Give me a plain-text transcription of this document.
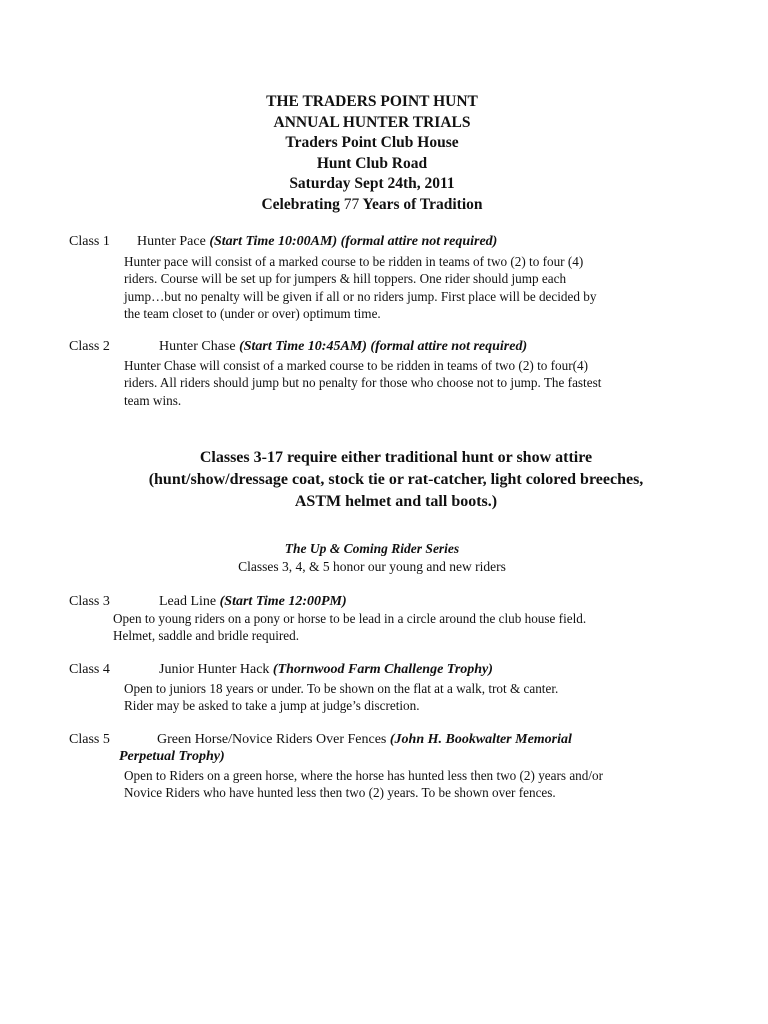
THE TRADERS POINT HUNT
ANNUAL HUNTER TRIALS
Traders Point Club House
Hunt Club Road
Saturday Sept 24th, 2011
Celebrating 77 Years of Tradition
Class 1 Hunter Pace (Start Time 10:00AM) (formal attire not required)
Hunter pace will consist of a marked course to be ridden in teams of two (2) to four (4)
riders. Course will be set up for jumpers & hill toppers. One rider should jump each
jump…but no penalty will be given if all or no riders jump. First place will be decided by
the team closet to (under or over) optimum time.
Class 2	Hunter Chase (Start Time 10:45AM) (formal attire not required)
Hunter Chase will consist of a marked course to be ridden in teams of two (2) to four(4)
riders. All riders should jump but no penalty for those who choose not to jump. The fastest
team wins.
Classes 3-17 require either traditional hunt or show attire
(hunt/show/dressage coat, stock tie or rat-catcher, light colored breeches,
ASTM helmet and tall boots.)
The Up & Coming Rider Series
Classes 3, 4, & 5 honor our young and new riders
Class 3	Lead Line (Start Time 12:00PM)
Open to young riders on a pony or horse to be lead in a circle around the club house field.
Helmet, saddle and bridle required.
Class 4	Junior Hunter Hack (Thornwood Farm Challenge Trophy)
Open to juniors 18 years or under. To be shown on the flat at a walk, trot & canter.
Rider may be asked to take a jump at judge’s discretion.
Class 5	Green Horse/Novice Riders Over Fences (John H. Bookwalter Memorial
Perpetual Trophy)
Open to Riders on a green horse, where the horse has hunted less then two (2) years and/or
Novice Riders who have hunted less then two (2) years. To be shown over fences.
